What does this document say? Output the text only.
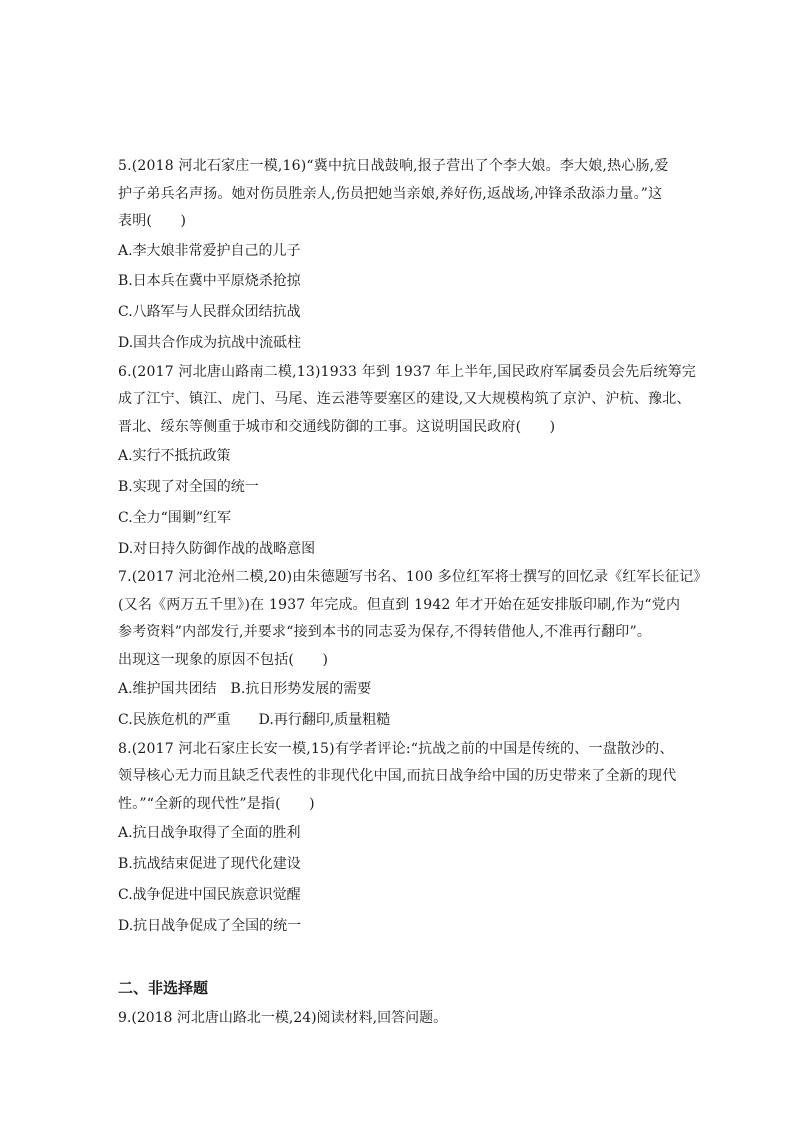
5.(2018 河北石家庄一模,16)“冀中抗日战鼓响,报子营出了个李大娘。李大娘,热心肠,爱
护子弟兵名声扬。她对伤员胜亲人,伤员把她当亲娘,养好伤,返战场,冲锋杀敌添力量。”这
表明(　　)
A.李大娘非常爱护自己的儿子
B.日本兵在冀中平原烧杀抢掠
C.八路军与人民群众团结抗战
D.国共合作成为抗战中流砥柱
6.(2017 河北唐山路南二模,13)1933 年到 1937 年上半年,国民政府军属委员会先后统筹完
成了江宁、镇江、虎门、马尾、连云港等要塞区的建设,又大规模构筑了京沪、沪杭、豫北、
晋北、绥东等侧重于城市和交通线防御的工事。这说明国民政府(　　)
A.实行不抵抗政策
B.实现了对全国的统一
C.全力“围剿”红军
D.对日持久防御作战的战略意图
7.(2017 河北沧州二模,20)由朱德题写书名、100 多位红军将士撰写的回忆录《红军长征记》
(又名《两万五千里》)在 1937 年完成。但直到 1942 年才开始在延安排版印刷,作为“党内
参考资料”内部发行,并要求“接到本书的同志妥为保存,不得转借他人,不准再行翻印”。
出现这一现象的原因不包括(　　)
A.维护国共团结　B.抗日形势发展的需要
C.民族危机的严重　　D.再行翻印,质量粗糙
8.(2017 河北石家庄长安一模,15)有学者评论:“抗战之前的中国是传统的、一盘散沙的、
领导核心无力而且缺乏代表性的非现代化中国,而抗日战争给中国的历史带来了全新的现代
性。”“全新的现代性”是指(　　)
A.抗日战争取得了全面的胜利
B.抗战结束促进了现代化建设
C.战争促进中国民族意识觉醒
D.抗日战争促成了全国的统一
二、非选择题
9.(2018 河北唐山路北一模,24)阅读材料,回答问题。
